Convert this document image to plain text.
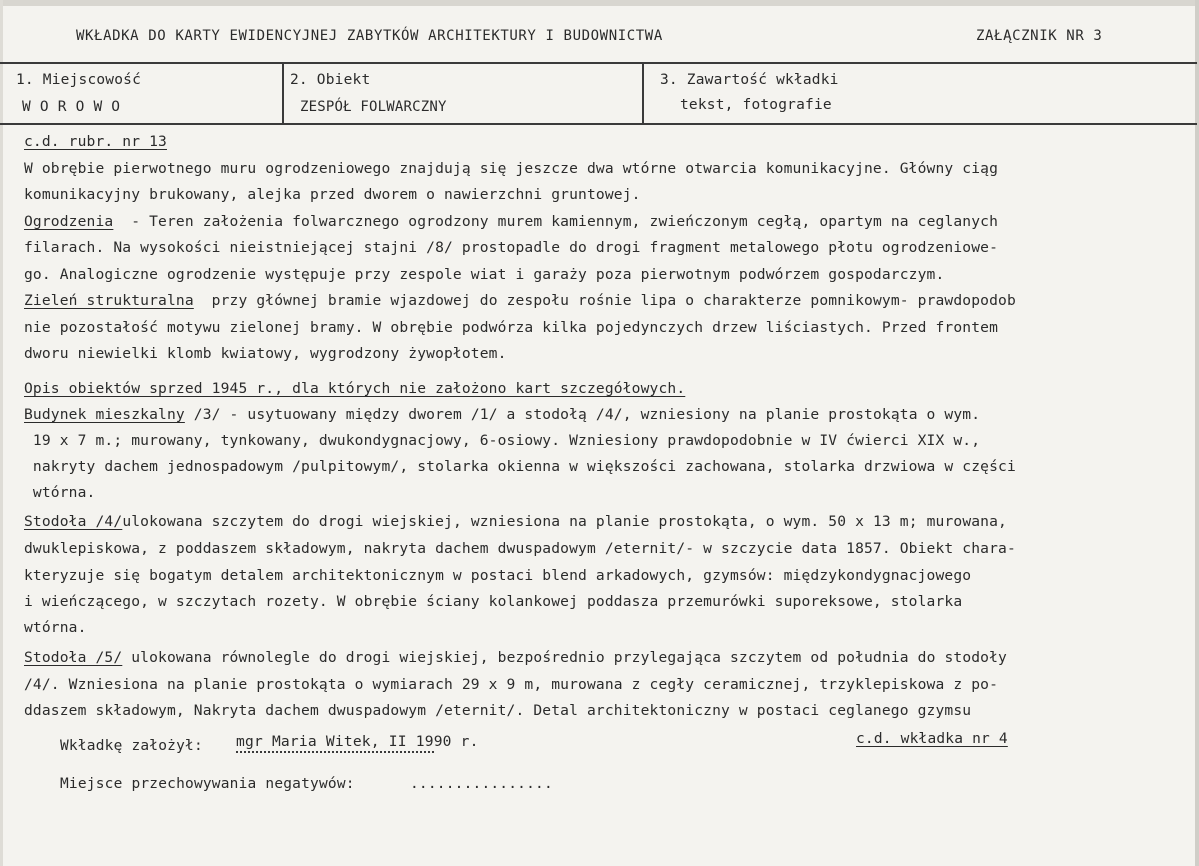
WKŁADKA DO KARTY EWIDENCYJNEJ ZABYTKÓW ARCHITEKTURY I BUDOWNICTWA	ZAŁĄCZNIK NR 3
1. Miejscowość
W O R O W O
2. Obiekt
ZESPÓŁ FOLWARCZNY
3. Zawartość wkładki
tekst, fotografie
c.d. rubr. nr 13
W obrębie pierwotnego muru ogrodzeniowego znajdują się jeszcze dwa wtórne otwarcia komunikacyjne. Główny ciąg
komunikacyjny brukowany, alejka przed dworem o nawierzchni gruntowej.
Ogrodzenia  - Teren założenia folwarcznego ogrodzony murem kamiennym, zwieńczonym cegłą, opartym na ceglanych
filarach. Na wysokości nieistniejącej stajni /8/ prostopadle do drogi fragment metalowego płotu ogrodzeniowe-
go. Analogiczne ogrodzenie występuje przy zespole wiat i garaży poza pierwotnym podwórzem gospodarczym.
Zieleń strukturalna  przy głównej bramie wjazdowej do zespołu rośnie lipa o charakterze pomnikowym- prawdopodob
nie pozostałość motywu zielonej bramy. W obrębie podwórza kilka pojedynczych drzew liściastych. Przed frontem
dworu niewielki klomb kwiatowy, wygrodzony żywopłotem.
Opis obiektów sprzed 1945 r., dla których nie założono kart szczegółowych.
Budynek mieszkalny /3/ - usytuowany między dworem /1/ a stodołą /4/, wzniesiony na planie prostokąta o wym.
19 x 7 m.; murowany, tynkowany, dwukondygnacjowy, 6-osiowy. Wzniesiony prawdopodobnie w IV ćwierci XIX w.,
nakryty dachem jednospadowym /pulpitowym/, stolarka okienna w większości zachowana, stolarka drzwiowa w części
wtórna.
Stodoła /4/ulokowana szczytem do drogi wiejskiej, wzniesiona na planie prostokąta, o wym. 50 x 13 m; murowana,
dwuklepiskowa, z poddaszem składowym, nakryta dachem dwuspadowym /eternit/- w szczycie data 1857. Obiekt chara-
kteryzuje się bogatym detalem architektonicznym w postaci blend arkadowych, gzymsów: międzykondygnacjowego
i wieńczącego, w szczytach rozety. W obrębie ściany kolankowej poddasza przemurówki suporeksowe, stolarka
wtórna.
Stodoła /5/ ulokowana równolegle do drogi wiejskiej, bezpośrednio przylegająca szczytem od południa do stodoły
/4/. Wzniesiona na planie prostokąta o wymiarach 29 x 9 m, murowana z cegły ceramicznej, trzyklepiskowa z po-
ddaszem składowym, Nakryta dachem dwuspadowym /eternit/. Detal architektoniczny w postaci ceglanego gzymsu
Wkładkę założył: mgr Maria Witek, II 1990 r.	c.d. wkładka nr 4
Miejsce przechowywania negatywów:	................
